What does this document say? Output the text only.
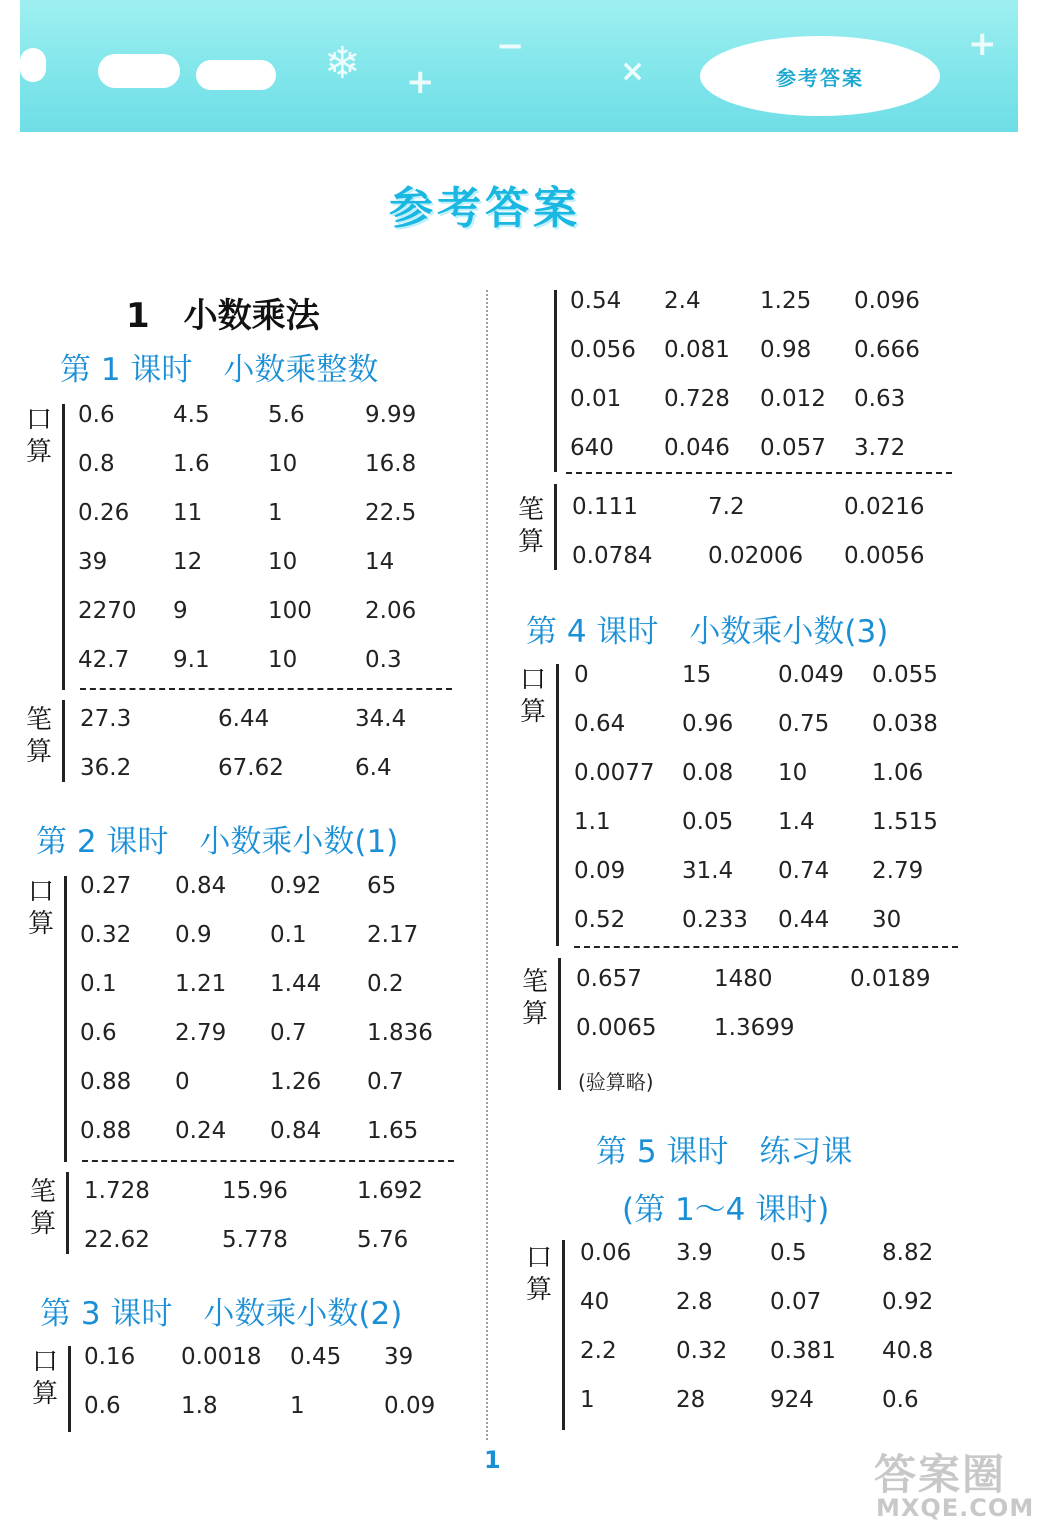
❄ +
−
×
+
参考答案
参考答案
1　小数乘法
第 1 课时　小数乘整数
第 2 课时　小数乘小数(1)
第 3 课时　小数乘小数(2)
第 4 课时　小数乘小数(3)
第 5 课时　练习课
(第 1～4 课时)
口
算
0.6	4.5	5.6	9.99
0.8	1.6	10	16.8
0.26 11	1	22.5
39	12	10	14
2270 9	100 2.06
42.7 9.1	10	0.3
笔
算
27.3	6.44	34.4
36.2	67.62	6.4
口
算
0.27 0.84 0.92 65
0.32 0.9	0.1	2.17
0.1	1.21 1.44 0.2
0.6	2.79 0.7	1.836
0.88 0	1.26 0.7
0.88 0.24 0.84 1.65
笔
算
1.728	15.96	1.692
22.62	5.778	5.76
口
算
0.16 0.0018 0.45 39
0.6	1.8	1	0.09
0.54 2.4	1.25 0.096
0.056 0.081 0.98 0.666
0.01 0.728 0.012 0.63
640 0.046 0.057 3.72
笔
算
0.111	7.2	0.0216
0.0784 0.02006 0.0056
口
算
0	15	0.049 0.055
0.64 0.96 0.75 0.038
0.0077 0.08 10	1.06
1.1	0.05 1.4 1.515
0.09 31.4 0.74 2.79
0.52 0.233 0.44 30
笔
算
0.657	1480	0.0189
0.0065	1.3699
口
算
0.06 3.9 0.5	8.82
40	2.8 0.07	0.92
2.2	0.32 0.381 40.8
1	28	924	0.6
(验算略)
1	答案圈
MXQE.COM
